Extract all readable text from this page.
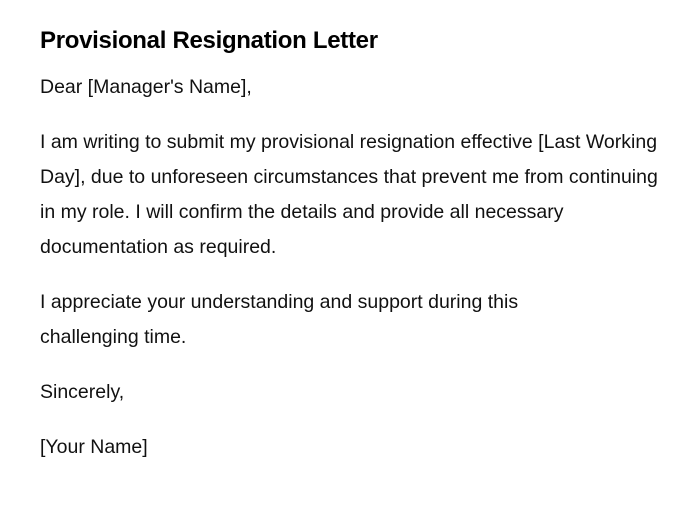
Provisional Resignation Letter

Dear [Manager's Name],

I am writing to submit my provisional resignation effective [Last Working Day], due to unforeseen circumstances that prevent me from continuing in my role. I will confirm the details and provide all necessary documentation as required.

I appreciate your understanding and support during this challenging time.

Sincerely,

[Your Name]
